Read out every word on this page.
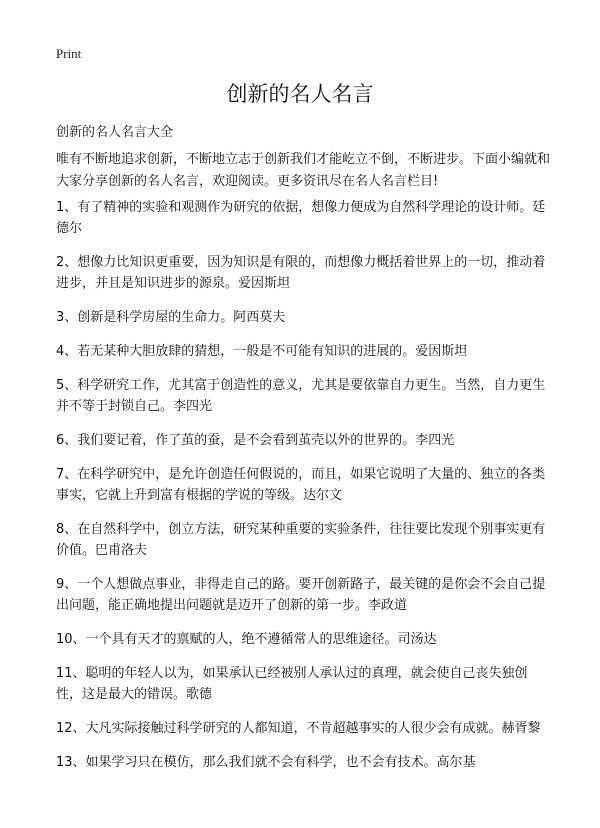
Print
创新的名人名言

创新的名人名言大全

唯有不断地追求创新，不断地立志于创新我们才能屹立不倒，不断进步。下面小编就和大家分享创新的名人名言，欢迎阅读。更多资讯尽在名人名言栏目!

1、有了精神的实验和观测作为研究的依据，想像力便成为自然科学理论的设计师。廷德尔
2、想像力比知识更重要，因为知识是有限的，而想像力概括着世界上的一切，推动着进步，并且是知识进步的源泉。爱因斯坦
3、创新是科学房屋的生命力。阿西莫夫
4、若无某种大胆放肆的猜想，一般是不可能有知识的进展的。爱因斯坦
5、科学研究工作，尤其富于创造性的意义，尤其是要依靠自力更生。当然，自力更生并不等于封锁自己。李四光
6、我们要记着，作了茧的蚕，是不会看到茧壳以外的世界的。李四光
7、在科学研究中，是允许创造任何假说的，而且，如果它说明了大量的、独立的各类事实，它就上升到富有根据的学说的等级。达尔文
8、在自然科学中，创立方法，研究某种重要的实验条件，往往要比发现个别事实更有价值。巴甫洛夫
9、一个人想做点事业，非得走自己的路。要开创新路子，最关键的是你会不会自己提出问题，能正确地提出问题就是迈开了创新的第一步。李政道
10、一个具有天才的禀赋的人，绝不遵循常人的思维途径。司汤达
11、聪明的年轻人以为，如果承认已经被别人承认过的真理，就会使自己丧失独创性，这是最大的错误。歌德
12、大凡实际接触过科学研究的人都知道，不肯超越事实的人很少会有成就。赫胥黎
13、如果学习只在模仿，那么我们就不会有科学，也不会有技术。高尔基
